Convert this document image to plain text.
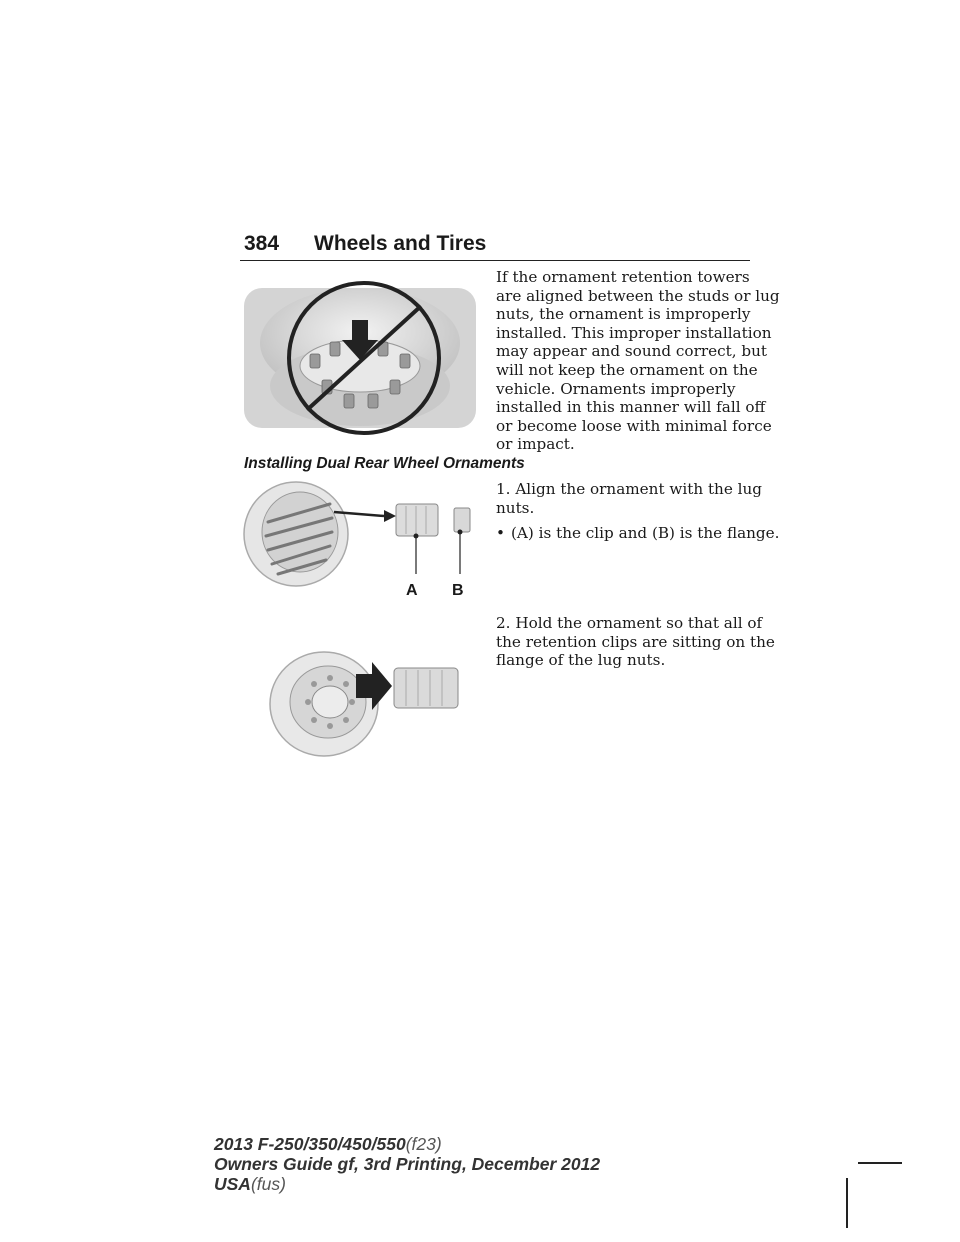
384 Wheels and Tires
If the ornament retention towers
are aligned between the studs or lug
nuts, the ornament is improperly
installed. This improper installation
may appear and sound correct, but
will not keep the ornament on the
vehicle. Ornaments improperly
installed in this manner will fall off
or become loose with minimal force
or impact.
Installing Dual Rear Wheel Ornaments
A B
1. Align the ornament with the lug
nuts.
• (A) is the clip and (B) is the flange.
2. Hold the ornament so that all of
the retention clips are sitting on the
flange of the lug nuts.
2013 F-250/350/450/550(f23)
Owners Guide gf, 3rd Printing, December 2012
USA(fus)
